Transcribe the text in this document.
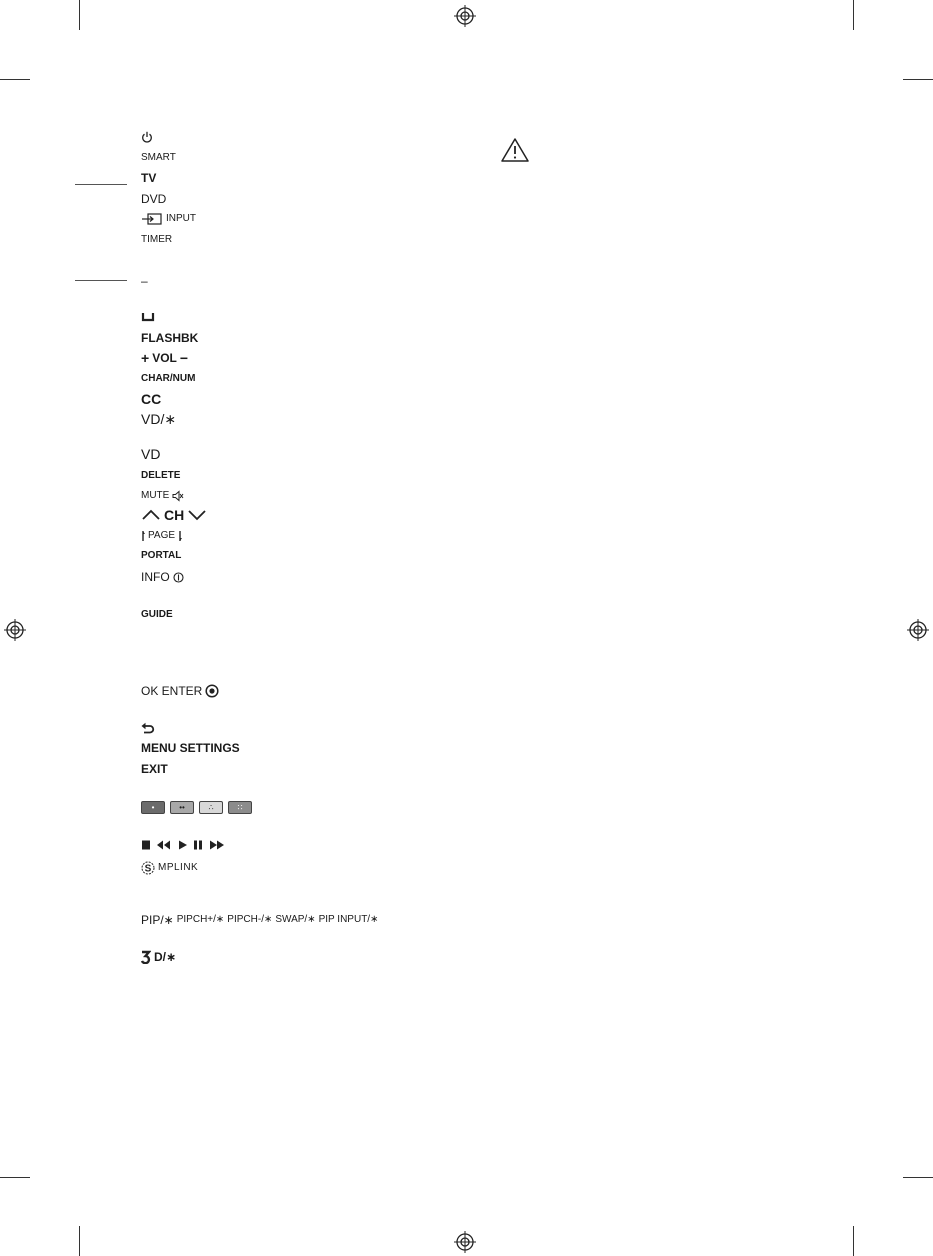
SMART
TV
DVD
INPUT
TIMER
–
FLASHBK
+ VOL −
CHAR/NUM
CC
VD/∗
VD
DELETE
MUTE
CH
PAGE
PORTAL
INFO
GUIDE
OK ENTER
MENU SETTINGS
EXIT
•	••	∴	∷
S MPLINK
PIP/∗ PIPCH+/∗ PIPCH-/∗ SWAP/∗ PIP INPUT/∗
D/∗
